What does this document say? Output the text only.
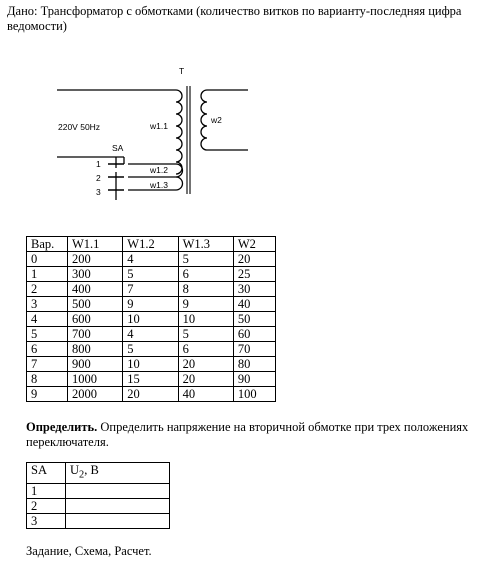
Дано: Трансформатор с обмотками (количество витков по варианту-последняя цифра ведомости)
T
220V 50Hz	w1.1
w1.2
w1.3
w2
SA
1
2
3
Вар.	W1.1	W1.2	W1.3	W2
0	200	4	5	20
1	300	5	6	25
2	400	7	8	30
3	500	9	9	40
4	600	10	10	50
5	700	4	5	60
6	800	5	6	70
7	900	10	20	80
8	1000	15	20	90
9	2000	20	40	100
Определить. Определить напряжение на вторичной обмотке при трех положениях переключателя.
SA	$U_2$, В
1	
2	
3	
Задание, Схема, Расчет.
